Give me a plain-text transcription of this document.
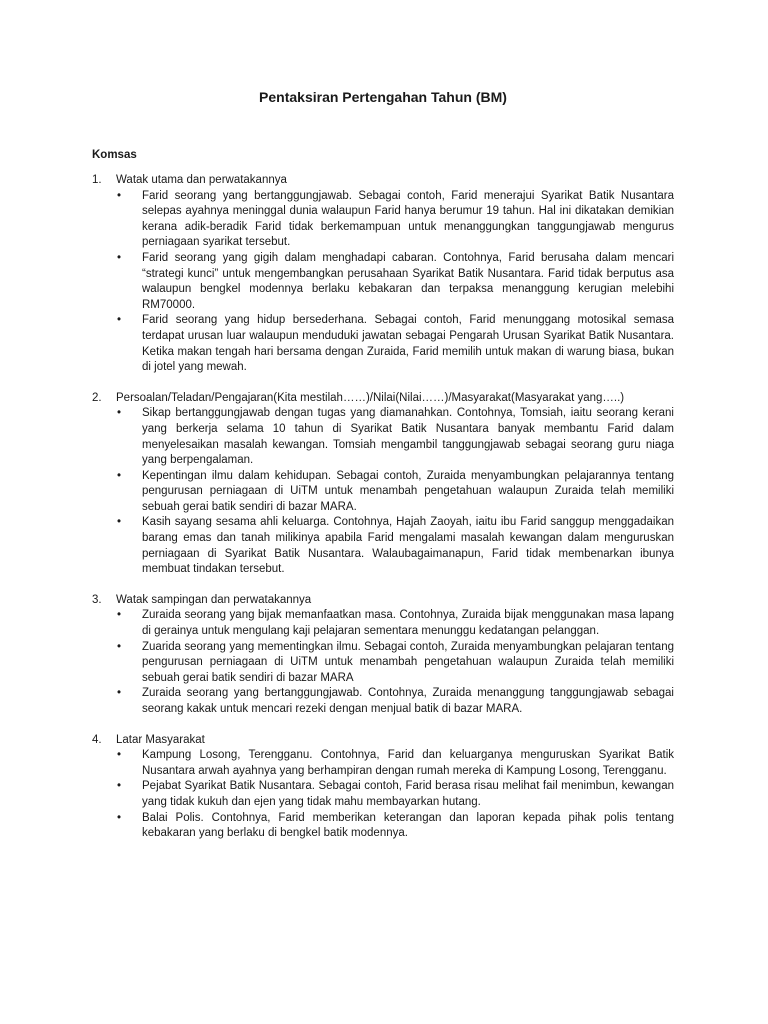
Pentaksiran Pertengahan Tahun (BM)
Komsas
1.	Watak utama dan perwatakannya
•	Farid seorang yang bertanggungjawab. Sebagai contoh, Farid menerajui Syarikat Batik Nusantara selepas ayahnya meninggal dunia walaupun Farid hanya berumur 19 tahun. Hal ini dikatakan demikian kerana adik-beradik Farid tidak berkemampuan untuk menanggungkan tanggungjawab mengurus perniagaan syarikat tersebut.
•	Farid seorang yang gigih dalam menghadapi cabaran. Contohnya, Farid berusaha dalam mencari “strategi kunci” untuk mengembangkan perusahaan Syarikat Batik Nusantara. Farid tidak berputus asa walaupun bengkel modennya berlaku kebakaran dan terpaksa menanggung kerugian melebihi RM70000.
•	Farid seorang yang hidup bersederhana. Sebagai contoh, Farid menunggang motosikal semasa terdapat urusan luar walaupun menduduki jawatan sebagai Pengarah Urusan Syarikat Batik Nusantara. Ketika makan tengah hari bersama dengan Zuraida, Farid memilih untuk makan di warung biasa, bukan di jotel yang mewah.
2.	Persoalan/Teladan/Pengajaran(Kita mestilah……)/Nilai(Nilai……)/Masyarakat(Masyarakat yang…..)
•	Sikap bertanggungjawab dengan tugas yang diamanahkan. Contohnya, Tomsiah, iaitu seorang kerani yang berkerja selama 10 tahun di Syarikat Batik Nusantara banyak membantu Farid dalam menyelesaikan masalah kewangan. Tomsiah mengambil tanggungjawab sebagai seorang guru niaga yang berpengalaman.
•	Kepentingan ilmu dalam kehidupan. Sebagai contoh, Zuraida menyambungkan pelajarannya tentang pengurusan perniagaan di UiTM untuk menambah pengetahuan walaupun Zuraida telah memiliki sebuah gerai batik sendiri di bazar MARA.
•	Kasih sayang sesama ahli keluarga. Contohnya, Hajah Zaoyah, iaitu ibu Farid sanggup menggadaikan barang emas dan tanah milikinya apabila Farid mengalami masalah kewangan dalam menguruskan perniagaan di Syarikat Batik Nusantara. Walaubagaimanapun, Farid tidak membenarkan ibunya membuat tindakan tersebut.
3.	Watak sampingan dan perwatakannya
•	Zuraida seorang yang bijak memanfaatkan masa. Contohnya, Zuraida bijak menggunakan masa lapang di gerainya untuk mengulang kaji pelajaran sementara menunggu kedatangan pelanggan.
•	Zuarida seorang yang mementingkan ilmu. Sebagai contoh, Zuraida menyambungkan pelajaran tentang pengurusan perniagaan di UiTM untuk menambah pengetahuan walaupun Zuraida telah memiliki sebuah gerai batik sendiri di bazar MARA
•	Zuraida seorang yang bertanggungjawab. Contohnya, Zuraida menanggung tanggungjawab sebagai seorang kakak untuk mencari rezeki dengan menjual batik di bazar MARA.
4.	Latar Masyarakat
•	Kampung Losong, Terengganu. Contohnya, Farid dan keluarganya menguruskan Syarikat Batik Nusantara arwah ayahnya yang berhampiran dengan rumah mereka di Kampung Losong, Terengganu.
•	Pejabat Syarikat Batik Nusantara. Sebagai contoh, Farid berasa risau melihat fail menimbun, kewangan yang tidak kukuh dan ejen yang tidak mahu membayarkan hutang.
•	Balai Polis. Contohnya, Farid memberikan keterangan dan laporan kepada pihak polis tentang kebakaran yang berlaku di bengkel batik modennya.
